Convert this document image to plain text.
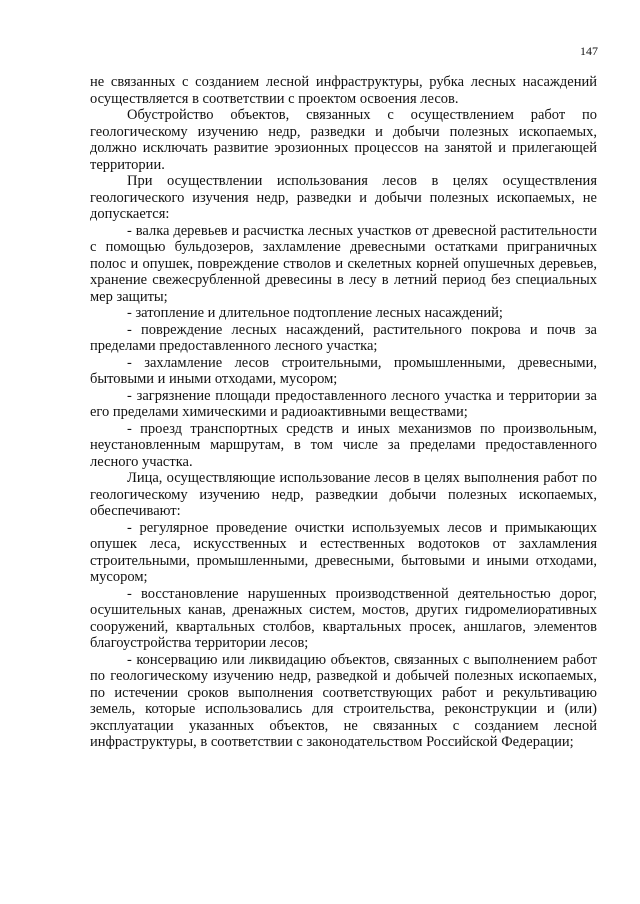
147

не связанных с созданием лесной инфраструктуры, рубка лесных насаждений осуществляется в соответствии с проектом освоения лесов.

Обустройство объектов, связанных с осуществлением работ по геологическому изучению недр, разведки и добычи полезных ископаемых, должно исключать развитие эрозионных процессов на занятой и прилегающей территории.

При осуществлении использования лесов в целях осуществления геологического изучения недр, разведки и добычи полезных ископаемых, не допускается:

- валка деревьев и расчистка лесных участков от древесной растительности с помощью бульдозеров, захламление древесными остатками приграничных полос и опушек, повреждение стволов и скелетных корней опушечных деревьев, хранение свежесрубленной древесины в лесу в летний период без специальных мер защиты;

- затопление и длительное подтопление лесных насаждений;

- повреждение лесных насаждений, растительного покрова и почв за пределами предоставленного лесного участка;

- захламление лесов строительными, промышленными, древесными, бытовыми и иными отходами, мусором;

- загрязнение площади предоставленного лесного участка и территории за его пределами химическими и радиоактивными веществами;

- проезд транспортных средств и иных механизмов по произвольным, неустановленным маршрутам, в том числе за пределами предоставленного лесного участка.

Лица, осуществляющие использование лесов в целях выполнения работ по геологическому изучению недр, разведкии добычи полезных ископаемых, обеспечивают:

- регулярное проведение очистки используемых лесов и примыкающих опушек леса, искусственных и естественных водотоков от захламления строительными, промышленными, древесными, бытовыми и иными отходами, мусором;

- восстановление нарушенных производственной деятельностью дорог, осушительных канав, дренажных систем, мостов, других гидромелиоративных сооружений, квартальных столбов, квартальных просек, аншлагов, элементов благоустройства территории лесов;

- консервацию или ликвидацию объектов, связанных с выполнением работ по геологическому изучению недр, разведкой и добычей полезных ископаемых, по истечении сроков выполнения соответствующих работ и рекультивацию земель, которые использовались для строительства, реконструкции и (или) эксплуатации указанных объектов, не связанных с созданием лесной инфраструктуры, в соответствии с законодательством Российской Федерации;
